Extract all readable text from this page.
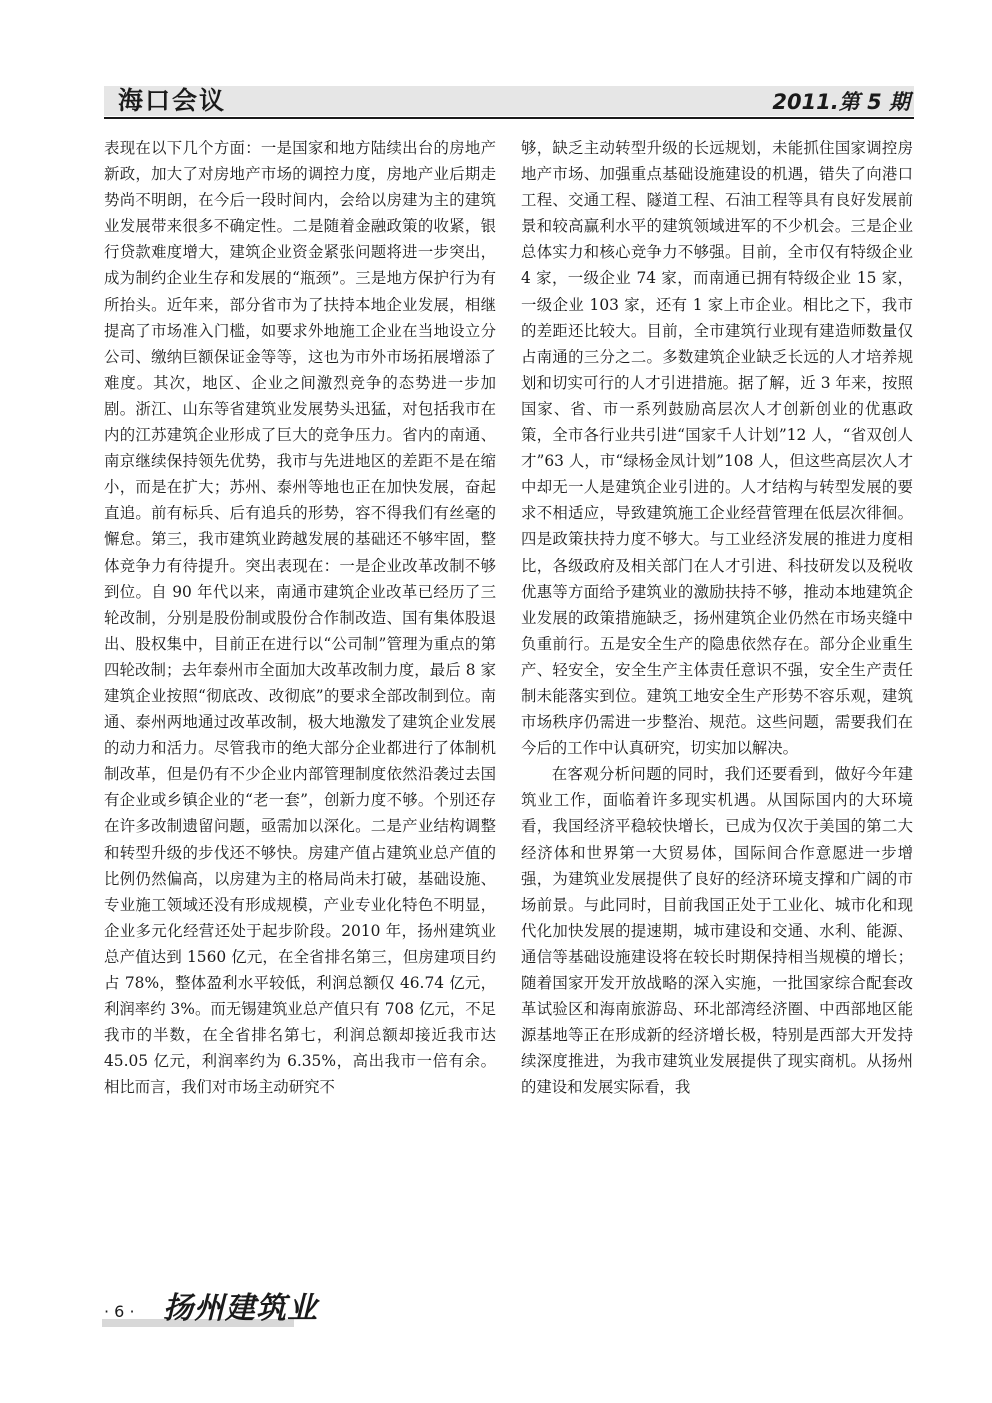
海口会议	2011.第 5 期

表现在以下几个方面：一是国家和地方陆续出台的房地产新政，加大了对房地产市场的调控力度，房地产业后期走势尚不明朗，在今后一段时间内，会给以房建为主的建筑业发展带来很多不确定性。二是随着金融政策的收紧，银行贷款难度增大，建筑企业资金紧张问题将进一步突出，成为制约企业生存和发展的“瓶颈”。三是地方保护行为有所抬头。近年来，部分省市为了扶持本地企业发展，相继提高了市场准入门槛，如要求外地施工企业在当地设立分公司、缴纳巨额保证金等等，这也为市外市场拓展增添了难度。其次，地区、企业之间激烈竞争的态势进一步加剧。浙江、山东等省建筑业发展势头迅猛，对包括我市在内的江苏建筑企业形成了巨大的竞争压力。省内的南通、南京继续保持领先优势，我市与先进地区的差距不是在缩小，而是在扩大；苏州、泰州等地也正在加快发展，奋起直追。前有标兵、后有追兵的形势，容不得我们有丝毫的懈怠。第三，我市建筑业跨越发展的基础还不够牢固，整体竞争力有待提升。突出表现在：一是企业改革改制不够到位。自 90 年代以来，南通市建筑企业改革已经历了三轮改制，分别是股份制或股份合作制改造、国有集体股退出、股权集中，目前正在进行以“公司制”管理为重点的第四轮改制；去年泰州市全面加大改革改制力度，最后 8 家建筑企业按照“彻底改、改彻底”的要求全部改制到位。南通、泰州两地通过改革改制，极大地激发了建筑企业发展的动力和活力。尽管我市的绝大部分企业都进行了体制机制改革，但是仍有不少企业内部管理制度依然沿袭过去国有企业或乡镇企业的“老一套”，创新力度不够。个别还存在许多改制遗留问题，亟需加以深化。二是产业结构调整和转型升级的步伐还不够快。房建产值占建筑业总产值的比例仍然偏高，以房建为主的格局尚未打破，基础设施、专业施工领域还没有形成规模，产业专业化特色不明显，企业多元化经营还处于起步阶段。2010 年，扬州建筑业总产值达到 1560 亿元，在全省排名第三，但房建项目约占 78%，整体盈利水平较低，利润总额仅 46.74 亿元，利润率约 3%。而无锡建筑业总产值只有 708 亿元，不足我市的半数，在全省排名第七，利润总额却接近我市达 45.05 亿元，利润率约为 6.35%，高出我市一倍有余。相比而言，我们对市场主动研究不

够，缺乏主动转型升级的长远规划，未能抓住国家调控房地产市场、加强重点基础设施建设的机遇，错失了向港口工程、交通工程、隧道工程、石油工程等具有良好发展前景和较高赢利水平的建筑领域进军的不少机会。三是企业总体实力和核心竞争力不够强。目前，全市仅有特级企业 4 家，一级企业 74 家，而南通已拥有特级企业 15 家，一级企业 103 家，还有 1 家上市企业。相比之下，我市的差距还比较大。目前，全市建筑行业现有建造师数量仅占南通的三分之二。多数建筑企业缺乏长远的人才培养规划和切实可行的人才引进措施。据了解，近 3 年来，按照国家、省、市一系列鼓励高层次人才创新创业的优惠政策，全市各行业共引进“国家千人计划”12 人，“省双创人才”63 人，市“绿杨金凤计划”108 人，但这些高层次人才中却无一人是建筑企业引进的。人才结构与转型发展的要求不相适应，导致建筑施工企业经营管理在低层次徘徊。四是政策扶持力度不够大。与工业经济发展的推进力度相比，各级政府及相关部门在人才引进、科技研发以及税收优惠等方面给予建筑业的激励扶持不够，推动本地建筑企业发展的政策措施缺乏，扬州建筑企业仍然在市场夹缝中负重前行。五是安全生产的隐患依然存在。部分企业重生产、轻安全，安全生产主体责任意识不强，安全生产责任制未能落实到位。建筑工地安全生产形势不容乐观，建筑市场秩序仍需进一步整治、规范。这些问题，需要我们在今后的工作中认真研究，切实加以解决。

在客观分析问题的同时，我们还要看到，做好今年建筑业工作，面临着许多现实机遇。从国际国内的大环境看，我国经济平稳较快增长，已成为仅次于美国的第二大经济体和世界第一大贸易体，国际间合作意愿进一步增强，为建筑业发展提供了良好的经济环境支撑和广阔的市场前景。与此同时，目前我国正处于工业化、城市化和现代化加快发展的提速期，城市建设和交通、水利、能源、通信等基础设施建设将在较长时期保持相当规模的增长；随着国家开发开放战略的深入实施，一批国家综合配套改革试验区和海南旅游岛、环北部湾经济圈、中西部地区能源基地等正在形成新的经济增长极，特别是西部大开发持续深度推进，为我市建筑业发展提供了现实商机。从扬州的建设和发展实际看，我

· 6 · 扬州建筑业
